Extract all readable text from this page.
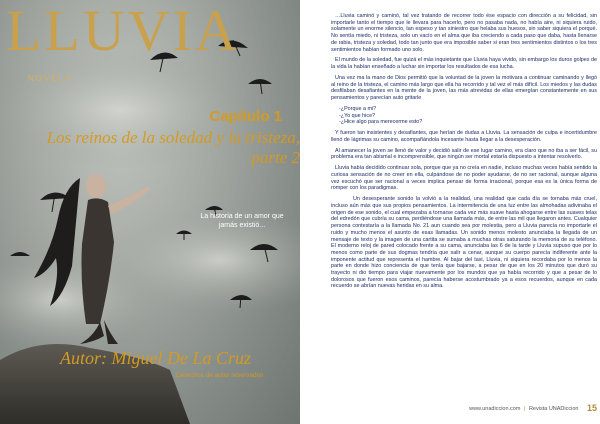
LLUVIA
NOVELA
Capítulo 1
Los reinos de la soledad y la tristeza,
parte 2
La historia de un amor que jamás existió...
Autor: Miguel De La Cruz
Derechos de autor reservados

…Lluvia caminó y caminó, tal vez tratando de recorrer todo ése espacio con dirección a su felicidad, sin importarle tanto el tiempo que le llevara para hacerlo, pero no pasaba nada, no había aire, ni siquiera ruido, solamente un enorme silencio, tan espeso y tan siniestro que helaba sus huesos, sin saber siquiera el porqué. No sentía miedo, ni tristeza, solo un vacío en el alma que iba creciendo a cada paso que daba, hasta llenarse de rabia, tristeza y soledad, todo tan junto que era imposible saber si eran tres sentimientos distintos o los tres sentimientos habían formado uno solo.

El mundo de la soledad, fue quizá el más inquietante que Lluvia haya vivido, sin embargo los duros golpes de la vida la habían enseñado a luchar sin importar los resultados de esa lucha.

Una vez ma la mano de Dios permitió que la voluntad de la joven la motivara a continuar caminando y llegó al reino de la tristeza, el camino más largo que ella ha recorrido y tal vez el más difícil. Los miedos y las dudas desfilaban desafiantes en la mente de la joven, las más atrevidas de ellas emergían constantemente en sus pensamientos y parecían auto gritarle

-¿Porque a mi?
-¿Yo que hice?
-¿Hice algo para merecerme esto?

Y fueron tan insistentes y desafiantes, que herían de dudas a Lluvia. La sensación de culpa e incertidumbre llenó de lágrimas su camino, acompañándola incesante hasta llegar a la desesperación.

Al amanecer la joven se llenó de valor y decidió salir de ese lugar camino, era claro que no iba a ser fácil, su problema era tan abismal e incomprensible, que ningún ser mortal estaría dispuesto a intentar resolverlo.

Lluvia había decidido continuar sola, porque que ya no creía en nadie, incluso muchas veces había sentido la curiosa sensación de no creer en ella, culpándose de no poder ayudarse, de no ser racional, aunque alguna vez escuchó que ser racional a veces implica pensar de forma irracional, porque esa es la única forma de romper con los paradigmas.

Un desesperante sonido la volvió a la realidad, una realidad que cada día se tornaba más cruel, incluso aún más que sus propios pensamientos. La intermitencia de una luz entre las almohadas adivinaba el origen de ese sonido, el cual empezaba a tornarse cada vez más suave hasta ahogarse entre las suaves telas del edredón que cubría su cama, perdiéndose una llamada más, de entre las mil que llegaron antes. Cualquier persona contestaría a la llamada No. 21 aun cuando sea por molestia, pero a Lluvia parecía no importarle el ruido y mucho menos el asunto de esas llamadas. Un sonido menos molesto anunciaba la llegada de un mensaje de texto y la imagen de una cartita se sumaba a muchas otras saturando la memoria de su teléfono. El moderno reloj de pared colocado frente a su cama, anunciaba las 6 de la tarde y Lluvia supuso que por lo menos como parte de sus dogmas tendría que salir a cenar, aunque su cuerpo parecía indiferente ante la imponente actitud que representa el hambre. Al bajar del taxi, Lluvia, ni siquiera recordaba por lo menos la parte en donde hizo conciencia de que tenía que bajarse, a pesar de que en los 20 minutos que duró su trayecto ni dio tiempo para viajar nuevamente por los mundos que ya había recorrido y que a pesar de lo dolorosos que fueron esos caminos, parecía haberse acostumbrado ya a esos recuerdos, aunque en cada recuerdo se abrían nuevas heridas en su alma.

www.unadiccion.com | Revista UNADiccion 15
